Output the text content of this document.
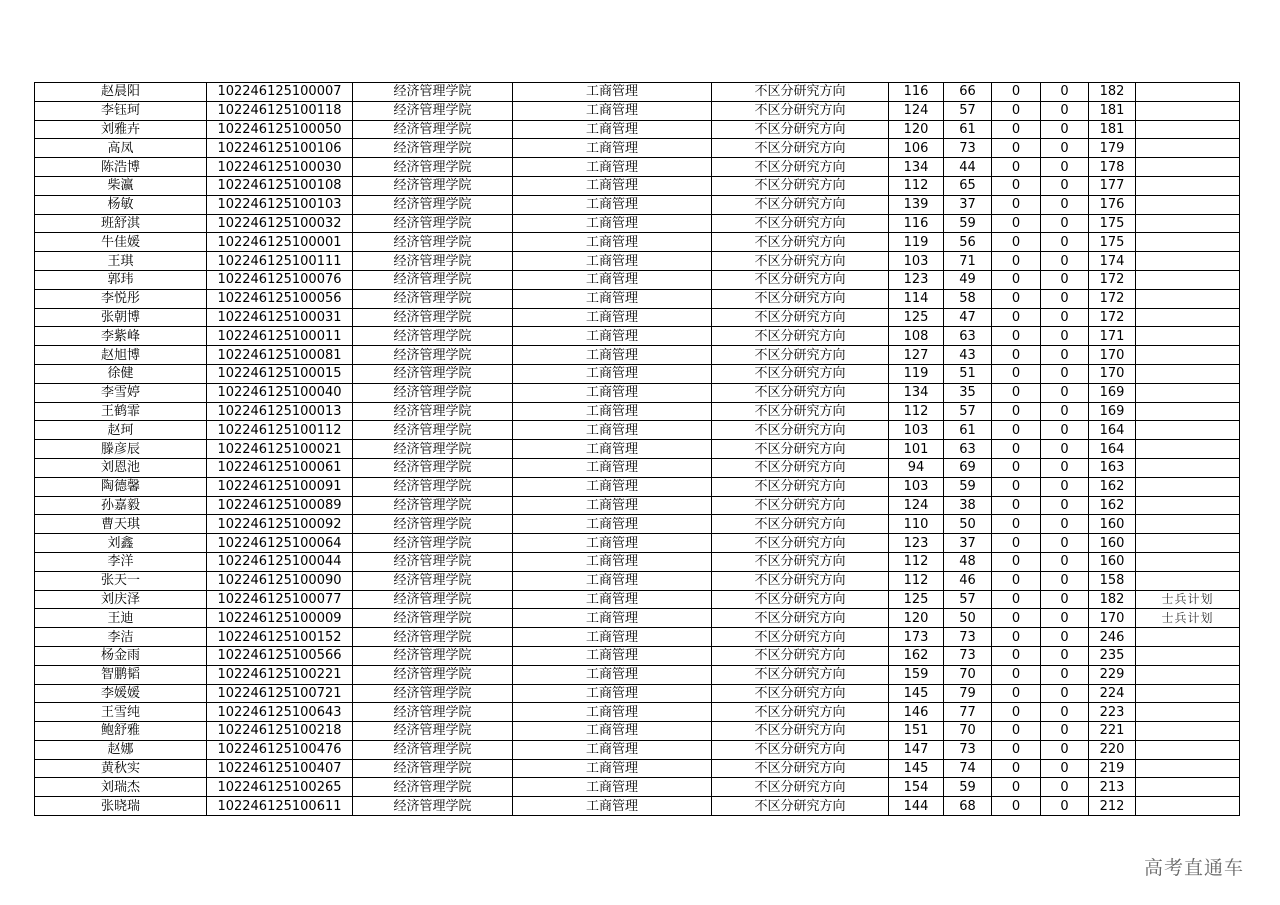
赵晨阳	102246125100007	经济管理学院	工商管理	不区分研究方向	116	66	0	0	182	
李钰珂	102246125100118	经济管理学院	工商管理	不区分研究方向	124	57	0	0	181	
刘雅卉	102246125100050	经济管理学院	工商管理	不区分研究方向	120	61	0	0	181	
高凤	102246125100106	经济管理学院	工商管理	不区分研究方向	106	73	0	0	179	
陈浩博	102246125100030	经济管理学院	工商管理	不区分研究方向	134	44	0	0	178	
柴瀛	102246125100108	经济管理学院	工商管理	不区分研究方向	112	65	0	0	177	
杨敏	102246125100103	经济管理学院	工商管理	不区分研究方向	139	37	0	0	176	
班舒淇	102246125100032	经济管理学院	工商管理	不区分研究方向	116	59	0	0	175	
牛佳媛	102246125100001	经济管理学院	工商管理	不区分研究方向	119	56	0	0	175	
王琪	102246125100111	经济管理学院	工商管理	不区分研究方向	103	71	0	0	174	
郭玮	102246125100076	经济管理学院	工商管理	不区分研究方向	123	49	0	0	172	
李悦彤	102246125100056	经济管理学院	工商管理	不区分研究方向	114	58	0	0	172	
张朝博	102246125100031	经济管理学院	工商管理	不区分研究方向	125	47	0	0	172	
李紫峰	102246125100011	经济管理学院	工商管理	不区分研究方向	108	63	0	0	171	
赵旭博	102246125100081	经济管理学院	工商管理	不区分研究方向	127	43	0	0	170	
徐健	102246125100015	经济管理学院	工商管理	不区分研究方向	119	51	0	0	170	
李雪婷	102246125100040	经济管理学院	工商管理	不区分研究方向	134	35	0	0	169	
王鹤霏	102246125100013	经济管理学院	工商管理	不区分研究方向	112	57	0	0	169	
赵珂	102246125100112	经济管理学院	工商管理	不区分研究方向	103	61	0	0	164	
滕彦辰	102246125100021	经济管理学院	工商管理	不区分研究方向	101	63	0	0	164	
刘恩池	102246125100061	经济管理学院	工商管理	不区分研究方向	94	69	0	0	163	
陶德馨	102246125100091	经济管理学院	工商管理	不区分研究方向	103	59	0	0	162	
孙嘉毅	102246125100089	经济管理学院	工商管理	不区分研究方向	124	38	0	0	162	
曹天琪	102246125100092	经济管理学院	工商管理	不区分研究方向	110	50	0	0	160	
刘鑫	102246125100064	经济管理学院	工商管理	不区分研究方向	123	37	0	0	160	
李洋	102246125100044	经济管理学院	工商管理	不区分研究方向	112	48	0	0	160	
张天一	102246125100090	经济管理学院	工商管理	不区分研究方向	112	46	0	0	158	
刘庆泽	102246125100077	经济管理学院	工商管理	不区分研究方向	125	57	0	0	182	士兵计划
王迪	102246125100009	经济管理学院	工商管理	不区分研究方向	120	50	0	0	170	士兵计划
李洁	102246125100152	经济管理学院	工商管理	不区分研究方向	173	73	0	0	246	
杨金雨	102246125100566	经济管理学院	工商管理	不区分研究方向	162	73	0	0	235	
智鹏韬	102246125100221	经济管理学院	工商管理	不区分研究方向	159	70	0	0	229	
李媛媛	102246125100721	经济管理学院	工商管理	不区分研究方向	145	79	0	0	224	
王雪纯	102246125100643	经济管理学院	工商管理	不区分研究方向	146	77	0	0	223	
鲍舒雅	102246125100218	经济管理学院	工商管理	不区分研究方向	151	70	0	0	221	
赵娜	102246125100476	经济管理学院	工商管理	不区分研究方向	147	73	0	0	220	
黄秋实	102246125100407	经济管理学院	工商管理	不区分研究方向	145	74	0	0	219	
刘瑞杰	102246125100265	经济管理学院	工商管理	不区分研究方向	154	59	0	0	213	
张晓瑞	102246125100611	经济管理学院	工商管理	不区分研究方向	144	68	0	0	212	
高考直通车
